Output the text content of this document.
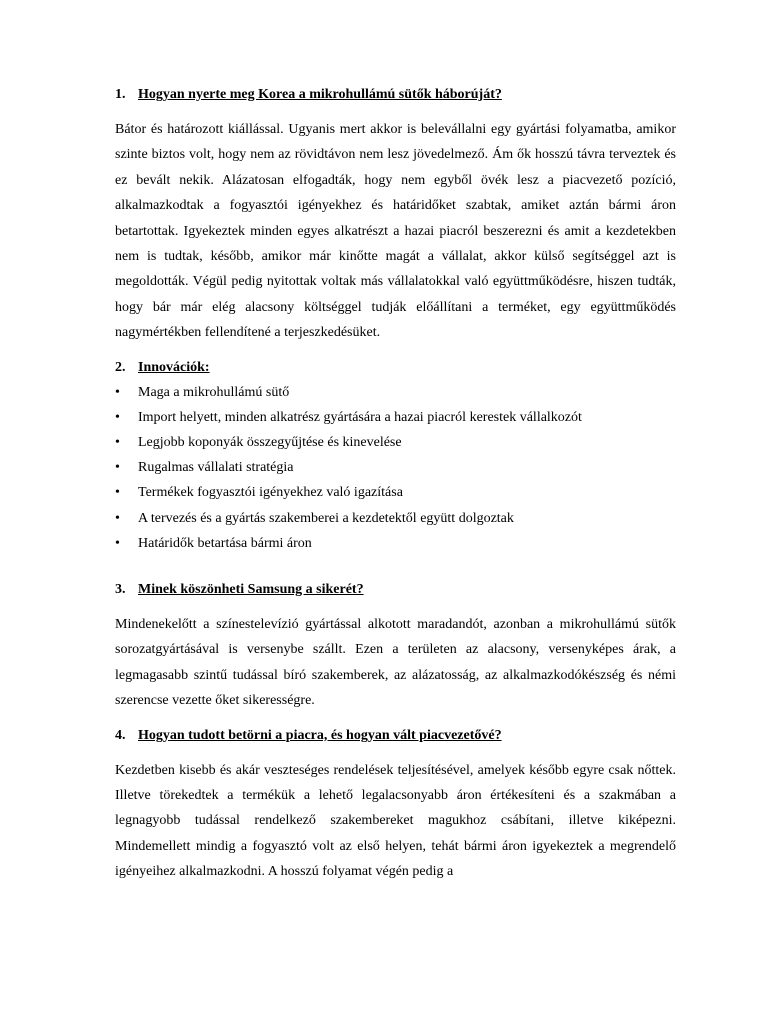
1. Hogyan nyerte meg Korea a mikrohullámú sütők háborúját?

Bátor és határozott kiállással. Ugyanis mert akkor is belevállalni egy gyártási folyamatba, amikor szinte biztos volt, hogy nem az rövidtávon nem lesz jövedelmező. Ám ők hosszú távra terveztek és ez bevált nekik. Alázatosan elfogadták, hogy nem egyből övék lesz a piacvezető pozíció, alkalmazkodtak a fogyasztói igényekhez és határidőket szabtak, amiket aztán bármi áron betartottak. Igyekeztek minden egyes alkatrészt a hazai piacról beszerezni és amit a kezdetekben nem is tudtak, később, amikor már kinőtte magát a vállalat, akkor külső segítséggel azt is megoldották. Végül pedig nyitottak voltak más vállalatokkal való együttműködésre, hiszen tudták, hogy bár már elég alacsony költséggel tudják előállítani a terméket, egy együttműködés nagymértékben fellendítené a terjeszkedésüket.

2. Innovációk:
•	Maga a mikrohullámú sütő
•	Import helyett, minden alkatrész gyártására a hazai piacról kerestek vállalkozót
•	Legjobb koponyák összegyűjtése és kinevelése
•	Rugalmas vállalati stratégia
•	Termékek fogyasztói igényekhez való igazítása
•	A tervezés és a gyártás szakemberei a kezdetektől együtt dolgoztak
•	Határidők betartása bármi áron
3. Minek köszönheti Samsung a sikerét?

Mindenekelőtt a színestelevízió gyártással alkotott maradandót, azonban a mikrohullámú sütők sorozatgyártásával is versenybe szállt. Ezen a területen az alacsony, versenyképes árak, a legmagasabb szintű tudással bíró szakemberek, az alázatosság, az alkalmazkodókészség és némi szerencse vezette őket sikerességre.

4. Hogyan tudott betörni a piacra, és hogyan vált piacvezetővé?

Kezdetben kisebb és akár veszteséges rendelések teljesítésével, amelyek később egyre csak nőttek. Illetve törekedtek a termékük a lehető legalacsonyabb áron értékesíteni és a szakmában a legnagyobb tudással rendelkező szakembereket magukhoz csábítani, illetve kiképezni. Mindemellett mindig a fogyasztó volt az első helyen, tehát bármi áron igyekeztek a megrendelő igényeihez alkalmazkodni. A hosszú folyamat végén pedig a
